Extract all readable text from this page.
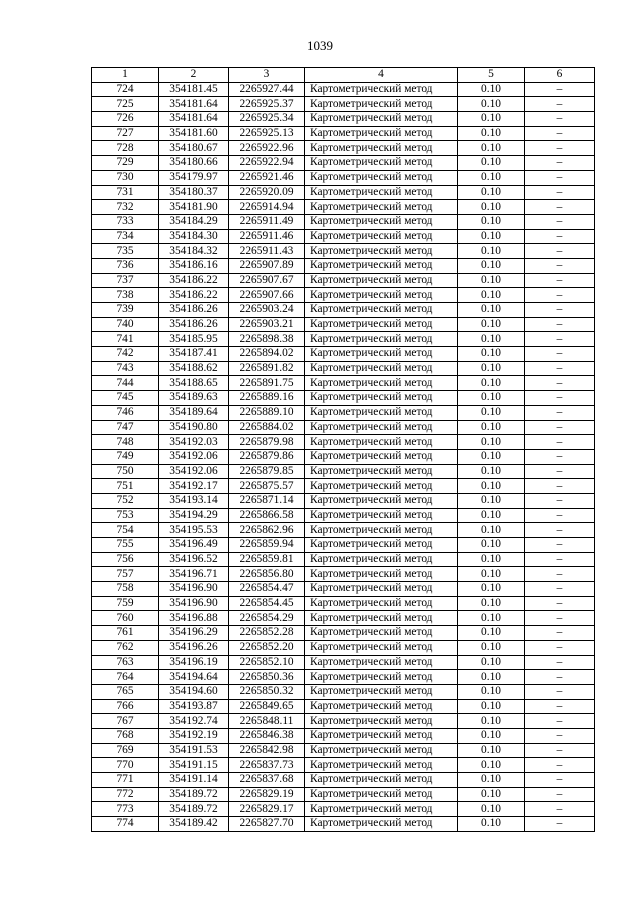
1039
1	2	3	4	5	6
724	354181.45	2265927.44	Картометрический метод	0.10	–
725	354181.64	2265925.37	Картометрический метод	0.10	–
726	354181.64	2265925.34	Картометрический метод	0.10	–
727	354181.60	2265925.13	Картометрический метод	0.10	–
728	354180.67	2265922.96	Картометрический метод	0.10	–
729	354180.66	2265922.94	Картометрический метод	0.10	–
730	354179.97	2265921.46	Картометрический метод	0.10	–
731	354180.37	2265920.09	Картометрический метод	0.10	–
732	354181.90	2265914.94	Картометрический метод	0.10	–
733	354184.29	2265911.49	Картометрический метод	0.10	–
734	354184.30	2265911.46	Картометрический метод	0.10	–
735	354184.32	2265911.43	Картометрический метод	0.10	–
736	354186.16	2265907.89	Картометрический метод	0.10	–
737	354186.22	2265907.67	Картометрический метод	0.10	–
738	354186.22	2265907.66	Картометрический метод	0.10	–
739	354186.26	2265903.24	Картометрический метод	0.10	–
740	354186.26	2265903.21	Картометрический метод	0.10	–
741	354185.95	2265898.38	Картометрический метод	0.10	–
742	354187.41	2265894.02	Картометрический метод	0.10	–
743	354188.62	2265891.82	Картометрический метод	0.10	–
744	354188.65	2265891.75	Картометрический метод	0.10	–
745	354189.63	2265889.16	Картометрический метод	0.10	–
746	354189.64	2265889.10	Картометрический метод	0.10	–
747	354190.80	2265884.02	Картометрический метод	0.10	–
748	354192.03	2265879.98	Картометрический метод	0.10	–
749	354192.06	2265879.86	Картометрический метод	0.10	–
750	354192.06	2265879.85	Картометрический метод	0.10	–
751	354192.17	2265875.57	Картометрический метод	0.10	–
752	354193.14	2265871.14	Картометрический метод	0.10	–
753	354194.29	2265866.58	Картометрический метод	0.10	–
754	354195.53	2265862.96	Картометрический метод	0.10	–
755	354196.49	2265859.94	Картометрический метод	0.10	–
756	354196.52	2265859.81	Картометрический метод	0.10	–
757	354196.71	2265856.80	Картометрический метод	0.10	–
758	354196.90	2265854.47	Картометрический метод	0.10	–
759	354196.90	2265854.45	Картометрический метод	0.10	–
760	354196.88	2265854.29	Картометрический метод	0.10	–
761	354196.29	2265852.28	Картометрический метод	0.10	–
762	354196.26	2265852.20	Картометрический метод	0.10	–
763	354196.19	2265852.10	Картометрический метод	0.10	–
764	354194.64	2265850.36	Картометрический метод	0.10	–
765	354194.60	2265850.32	Картометрический метод	0.10	–
766	354193.87	2265849.65	Картометрический метод	0.10	–
767	354192.74	2265848.11	Картометрический метод	0.10	–
768	354192.19	2265846.38	Картометрический метод	0.10	–
769	354191.53	2265842.98	Картометрический метод	0.10	–
770	354191.15	2265837.73	Картометрический метод	0.10	–
771	354191.14	2265837.68	Картометрический метод	0.10	–
772	354189.72	2265829.19	Картометрический метод	0.10	–
773	354189.72	2265829.17	Картометрический метод	0.10	–
774	354189.42	2265827.70	Картометрический метод	0.10	–
